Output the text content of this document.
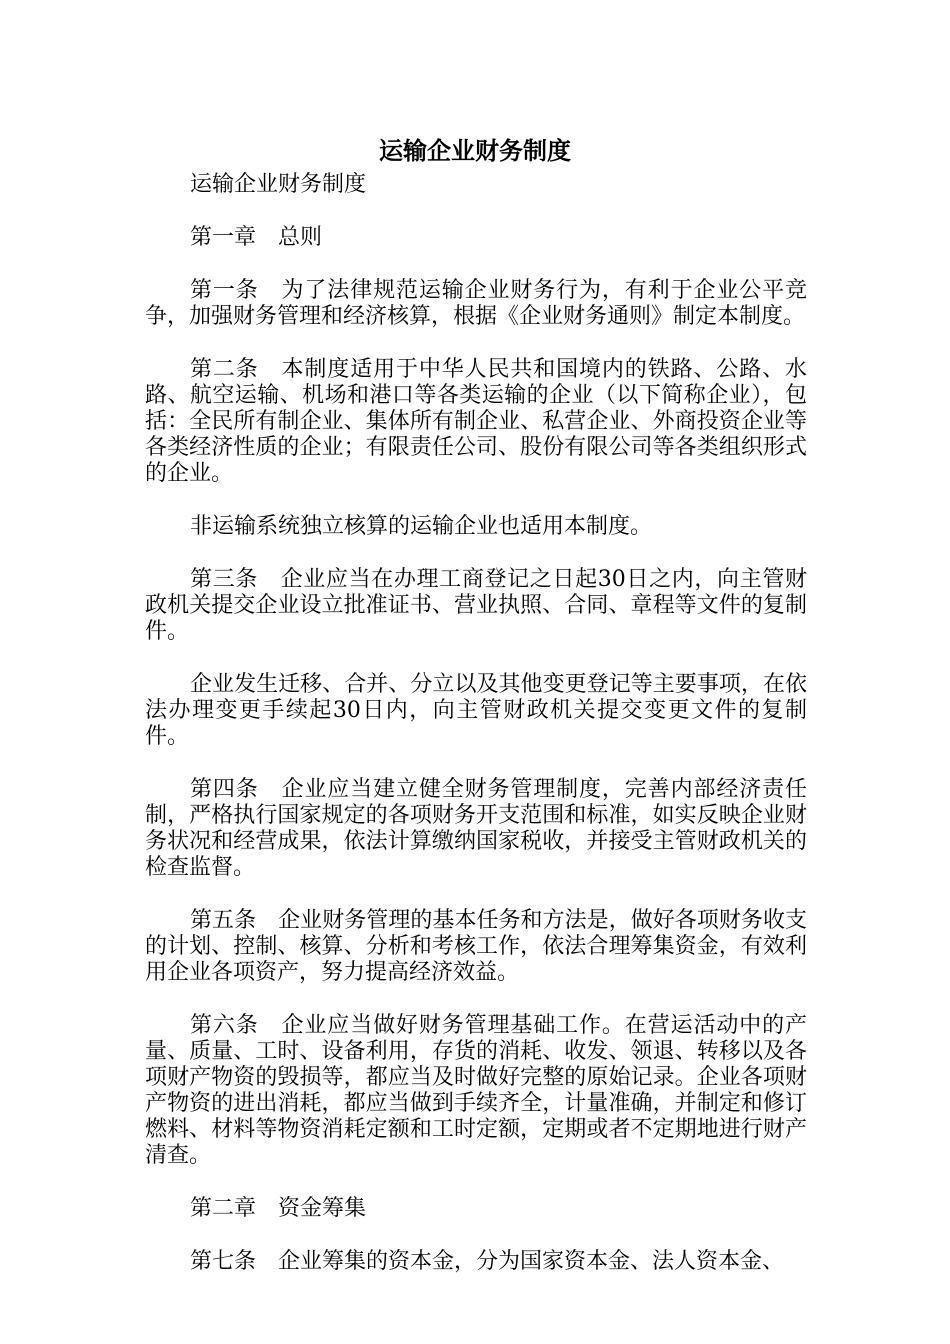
运输企业财务制度

运输企业财务制度

第一章　总则

第一条　为了法律规范运输企业财务行为，有利于企业公平竞争，加强财务管理和经济核算，根据《企业财务通则》制定本制度。

第二条　本制度适用于中华人民共和国境内的铁路、公路、水路、航空运输、机场和港口等各类运输的企业（以下简称企业），包括：全民所有制企业、集体所有制企业、私营企业、外商投资企业等各类经济性质的企业；有限责任公司、股份有限公司等各类组织形式的企业。

非运输系统独立核算的运输企业也适用本制度。

第三条　企业应当在办理工商登记之日起30日之内，向主管财政机关提交企业设立批准证书、营业执照、合同、章程等文件的复制件。

企业发生迁移、合并、分立以及其他变更登记等主要事项，在依法办理变更手续起30日内，向主管财政机关提交变更文件的复制件。

第四条　企业应当建立健全财务管理制度，完善内部经济责任制，严格执行国家规定的各项财务开支范围和标准，如实反映企业财务状况和经营成果，依法计算缴纳国家税收，并接受主管财政机关的检查监督。

第五条　企业财务管理的基本任务和方法是，做好各项财务收支的计划、控制、核算、分析和考核工作，依法合理筹集资金，有效利用企业各项资产，努力提高经济效益。

第六条　企业应当做好财务管理基础工作。在营运活动中的产量、质量、工时、设备利用，存货的消耗、收发、领退、转移以及各项财产物资的毁损等，都应当及时做好完整的原始记录。企业各项财产物资的进出消耗，都应当做到手续齐全，计量准确，并制定和修订燃料、材料等物资消耗定额和工时定额，定期或者不定期地进行财产清查。

第二章　资金筹集

第七条　企业筹集的资本金，分为国家资本金、法人资本金、
